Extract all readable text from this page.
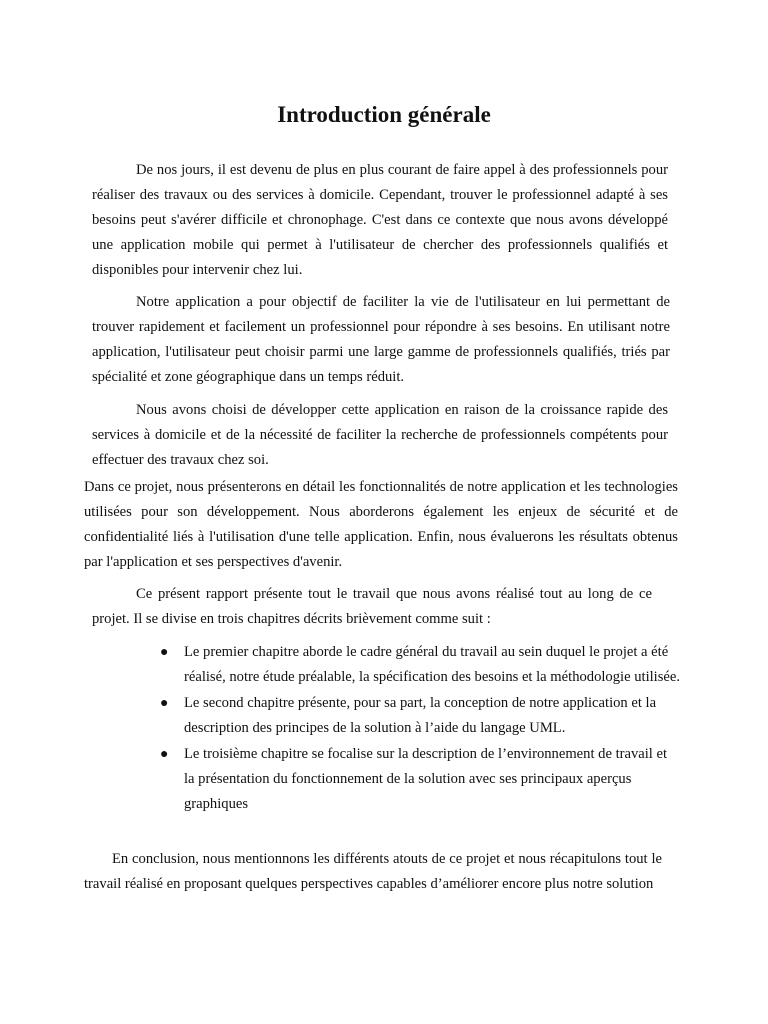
Introduction générale

De nos jours, il est devenu de plus en plus courant de faire appel à des professionnels pour réaliser des travaux ou des services à domicile. Cependant, trouver le professionnel adapté à ses besoins peut s'avérer difficile et chronophage. C'est dans ce contexte que nous avons développé une application mobile qui permet à l'utilisateur de chercher des professionnels qualifiés et disponibles pour intervenir chez lui.

Notre application a pour objectif de faciliter la vie de l'utilisateur en lui permettant de trouver rapidement et facilement un professionnel pour répondre à ses besoins. En utilisant notre application, l'utilisateur peut choisir parmi une large gamme de professionnels qualifiés, triés par spécialité et zone géographique dans un temps réduit.

Nous avons choisi de développer cette application en raison de la croissance rapide des services à domicile et de la nécessité de faciliter la recherche de professionnels compétents pour effectuer des travaux chez soi.

Dans ce projet, nous présenterons en détail les fonctionnalités de notre application et les technologies utilisées pour son développement. Nous aborderons également les enjeux de sécurité et de confidentialité liés à l'utilisation d'une telle application. Enfin, nous évaluerons les résultats obtenus par l'application et ses perspectives d'avenir.

Ce présent rapport présente tout le travail que nous avons réalisé tout au long de ce projet. Il se divise en trois chapitres décrits brièvement comme suit :

● Le premier chapitre aborde le cadre général du travail au sein duquel le projet a été réalisé, notre étude préalable, la spécification des besoins et la méthodologie utilisée.
● Le second chapitre présente, pour sa part, la conception de notre application et la description des principes de la solution à l’aide du langage UML.
● Le troisième chapitre se focalise sur la description de l’environnement de travail et la présentation du fonctionnement de la solution avec ses principaux aperçus graphiques

En conclusion, nous mentionnons les différents atouts de ce projet et nous récapitulons tout le travail réalisé en proposant quelques perspectives capables d’améliorer encore plus notre solution
